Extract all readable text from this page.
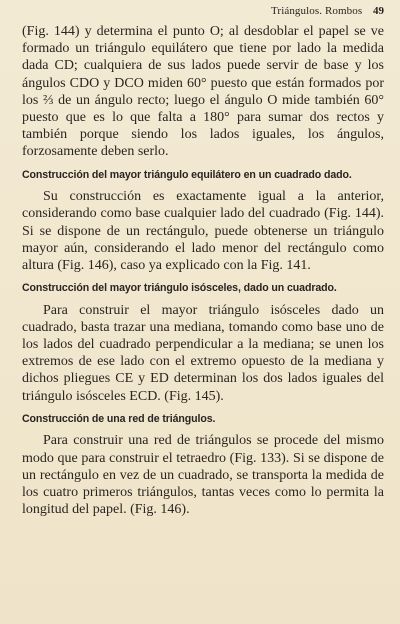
Triángulos. Rombos 49

(Fig. 144) y determina el punto O; al desdoblar el papel se ve formado un triángulo equilátero que tiene por lado la medida dada CD; cualquiera de sus lados puede servir de base y los ángulos CDO y DCO miden 60° puesto que están formados por los ⅔ de un ángulo recto; luego el ángulo O mide también 60° puesto que es lo que falta a 180° para sumar dos rectos y también porque siendo los lados iguales, los ángulos, forzosamente deben serlo.

Construcción del mayor triángulo equilátero en un cuadrado dado.

Su construcción es exactamente igual a la anterior, considerando como base cualquier lado del cuadrado (Fig. 144). Si se dispone de un rectángulo, puede obtenerse un triángulo mayor aún, considerando el lado menor del rectángulo como altura (Fig. 146), caso ya explicado con la Fig. 141.

Construcción del mayor triángulo isósceles, dado un cuadrado.

Para construir el mayor triángulo isósceles dado un cuadrado, basta trazar una mediana, tomando como base uno de los lados del cuadrado perpendicular a la mediana; se unen los extremos de ese lado con el extremo opuesto de la mediana y dichos pliegues CE y ED determinan los dos lados iguales del triángulo isósceles ECD. (Fig. 145).

Construcción de una red de triángulos.

Para construir una red de triángulos se procede del mismo modo que para construir el tetraedro (Fig. 133). Si se dispone de un rectángulo en vez de un cuadrado, se transporta la medida de los cuatro primeros triángulos, tantas veces como lo permita la longitud del papel. (Fig. 146).
